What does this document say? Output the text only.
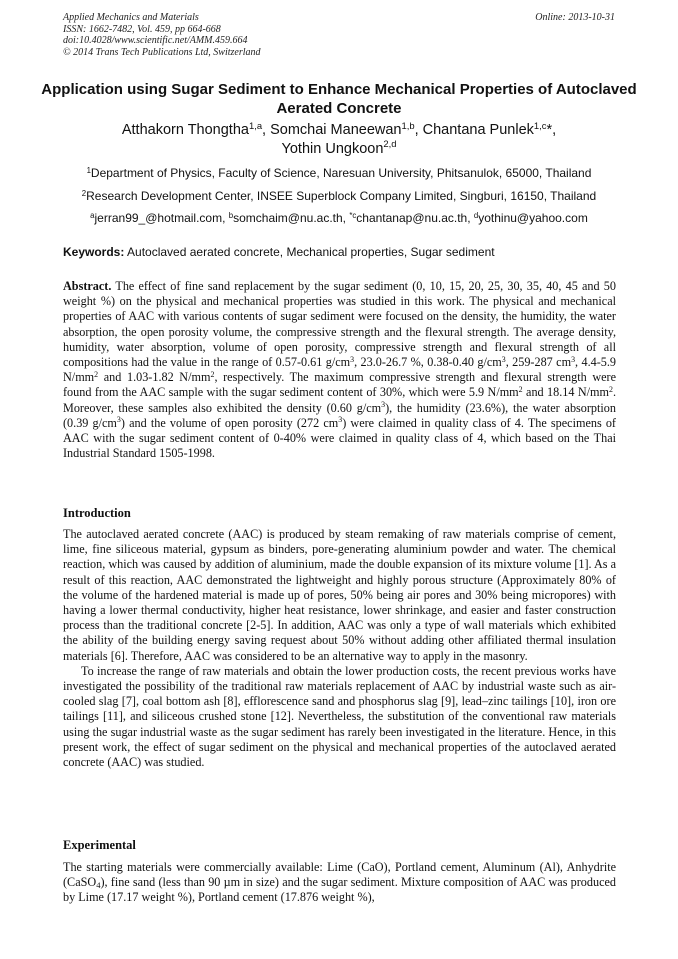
Applied Mechanics and Materials
ISSN: 1662-7482, Vol. 459, pp 664-668
doi:10.4028/www.scientific.net/AMM.459.664
© 2014 Trans Tech Publications Ltd, Switzerland
Online: 2013-10-31
Application using Sugar Sediment to Enhance Mechanical Properties of Autoclaved Aerated Concrete
Atthakorn Thongtha$^{1,a}$, Somchai Maneewan$^{1,b}$, Chantana Punlek$^{1,c}$*,
Yothin Ungkoon$^{2,d}$
$^1$Department of Physics, Faculty of Science, Naresuan University, Phitsanulok, 65000, Thailand
$^2$Research Development Center, INSEE Superblock Company Limited, Singburi, 16150, Thailand
$^a$jerran99_@hotmail.com, $^b$somchaim@nu.ac.th, $^{*c}$chantanap@nu.ac.th, $^d$yothinu@yahoo.com
Keywords: Autoclaved aerated concrete, Mechanical properties, Sugar sediment
Abstract. The effect of fine sand replacement by the sugar sediment (0, 10, 15, 20, 25, 30, 35, 40, 45 and 50 weight %) on the physical and mechanical properties was studied in this work. The physical and mechanical properties of AAC with various contents of sugar sediment were focused on the density, the humidity, the water absorption, the open porosity volume, the compressive strength and the flexural strength. The average density, humidity, water absorption, volume of open porosity, compressive strength and flexural strength of all compositions had the value in the range of 0.57-0.61 $g/cm^3$, 23.0-26.7 %, 0.38-0.40 $g/cm^3$, 259-287 $cm^3$, 4.4-5.9 $N/mm^2$ and 1.03-1.82 $N/mm^2$, respectively. The maximum compressive strength and flexural strength were found from the AAC sample with the sugar sediment content of 30%, which were 5.9 $N/mm^2$ and 18.14 $N/mm^2$. Moreover, these samples also exhibited the density (0.60 $g/cm^3$), the humidity (23.6%), the water absorption (0.39 $g/cm^3$) and the volume of open porosity (272 $cm^3$) were claimed in quality class of 4. The specimens of AAC with the sugar sediment content of 0-40% were claimed in quality class of 4, which based on the Thai Industrial Standard 1505-1998.
Introduction
The autoclaved aerated concrete (AAC) is produced by steam remaking of raw materials comprise of cement, lime, fine siliceous material, gypsum as binders, pore-generating aluminium powder and water. The chemical reaction, which was caused by addition of aluminium, made the double expansion of its mixture volume [1]. As a result of this reaction, AAC demonstrated the lightweight and highly porous structure (Approximately 80% of the volume of the hardened material is made up of pores, 50% being air pores and 30% being micropores) with having a lower thermal conductivity, higher heat resistance, lower shrinkage, and easier and faster construction process than the traditional concrete [2-5]. In addition, AAC was only a type of wall materials which exhibited the ability of the building energy saving request about 50% without adding other affiliated thermal insulation materials [6]. Therefore, AAC was considered to be an alternative way to apply in the masonry.
To increase the range of raw materials and obtain the lower production costs, the recent previous works have investigated the possibility of the traditional raw materials replacement of AAC by industrial waste such as air-cooled slag [7], coal bottom ash [8], efflorescence sand and phosphorus slag [9], lead–zinc tailings [10], iron ore tailings [11], and siliceous crushed stone [12]. Nevertheless, the substitution of the conventional raw materials using the sugar industrial waste as the sugar sediment has rarely been investigated in the literature. Hence, in this present work, the effect of sugar sediment on the physical and mechanical properties of the autoclaved aerated concrete (AAC) was studied.
Experimental
The starting materials were commercially available: Lime (CaO), Portland cement, Aluminum (Al), Anhydrite (CaSO$_4$), fine sand (less than 90 µm in size) and the sugar sediment. Mixture composition of AAC was produced by Lime (17.17 weight %), Portland cement (17.876 weight %),
